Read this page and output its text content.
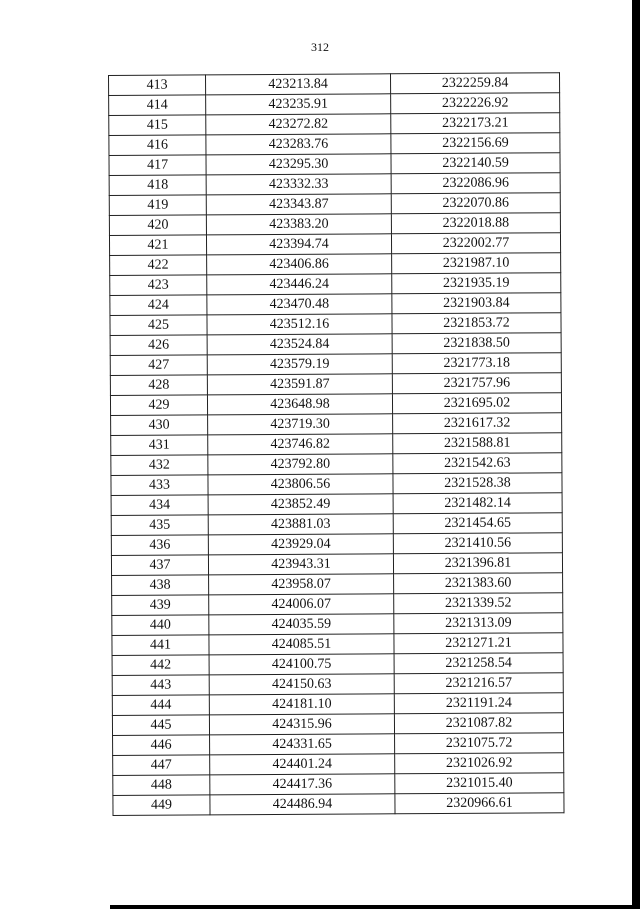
312
413	423213.84	2322259.84
414	423235.91	2322226.92
415	423272.82	2322173.21
416	423283.76	2322156.69
417	423295.30	2322140.59
418	423332.33	2322086.96
419	423343.87	2322070.86
420	423383.20	2322018.88
421	423394.74	2322002.77
422	423406.86	2321987.10
423	423446.24	2321935.19
424	423470.48	2321903.84
425	423512.16	2321853.72
426	423524.84	2321838.50
427	423579.19	2321773.18
428	423591.87	2321757.96
429	423648.98	2321695.02
430	423719.30	2321617.32
431	423746.82	2321588.81
432	423792.80	2321542.63
433	423806.56	2321528.38
434	423852.49	2321482.14
435	423881.03	2321454.65
436	423929.04	2321410.56
437	423943.31	2321396.81
438	423958.07	2321383.60
439	424006.07	2321339.52
440	424035.59	2321313.09
441	424085.51	2321271.21
442	424100.75	2321258.54
443	424150.63	2321216.57
444	424181.10	2321191.24
445	424315.96	2321087.82
446	424331.65	2321075.72
447	424401.24	2321026.92
448	424417.36	2321015.40
449	424486.94	2320966.61
